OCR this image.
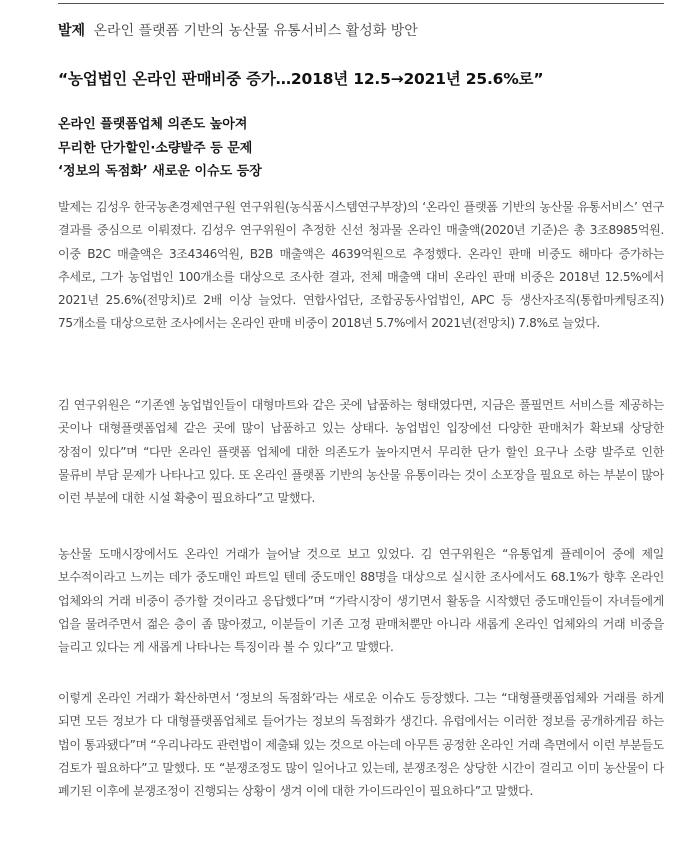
발제 온라인 플랫폼 기반의 농산물 유통서비스 활성화 방안
“농업법인 온라인 판매비중 증가…2018년 12.5→2021년 25.6%로”
온라인 플랫폼업체 의존도 높아져
무리한 단가할인·소량발주 등 문제
‘정보의 독점화’ 새로운 이슈도 등장

발제는 김성우 한국농촌경제연구원 연구위원(농식품시스템연구부장)의 ‘온라인 플랫폼 기반의 농산물 유통서비스’ 연구 결과를 중심으로 이뤄졌다. 김성우 연구위원이 추정한 신선 청과물 온라인 매출액(2020년 기준)은 총 3조8985억원. 이중 B2C 매출액은 3조4346억원, B2B 매출액은 4639억원으로 추정했다. 온라인 판매 비중도 해마다 증가하는 추세로, 그가 농업법인 100개소를 대상으로 조사한 결과, 전체 매출액 대비 온라인 판매 비중은 2018년 12.5%에서 2021년 25.6%(전망치)로 2배 이상 늘었다. 연합사업단, 조합공동사업법인, APC 등 생산자조직(통합마케팅조직) 75개소를 대상으로한 조사에서는 온라인 판매 비중이 2018년 5.7%에서 2021년(전망치) 7.8%로 늘었다.

김 연구위원은 “기존엔 농업법인들이 대형마트와 같은 곳에 납품하는 형태였다면, 지금은 풀필먼트 서비스를 제공하는 곳이나 대형플랫폼업체 같은 곳에 많이 납품하고 있는 상태다. 농업법인 입장에선 다양한 판매처가 확보돼 상당한 장점이 있다”며 “다만 온라인 플랫폼 업체에 대한 의존도가 높아지면서 무리한 단가 할인 요구나 소량 발주로 인한 물류비 부담 문제가 나타나고 있다. 또 온라인 플랫폼 기반의 농산물 유통이라는 것이 소포장을 필요로 하는 부분이 많아 이런 부분에 대한 시설 확충이 필요하다”고 말했다.

농산물 도매시장에서도 온라인 거래가 늘어날 것으로 보고 있었다. 김 연구위원은 “유통업계 플레이어 중에 제일 보수적이라고 느끼는 데가 중도매인 파트일 텐데 중도매인 88명을 대상으로 실시한 조사에서도 68.1%가 향후 온라인 업체와의 거래 비중이 증가할 것이라고 응답했다”며 “가락시장이 생기면서 활동을 시작했던 중도매인들이 자녀들에게 업을 물려주면서 젊은 층이 좀 많아졌고, 이분들이 기존 고정 판매처뿐만 아니라 새롭게 온라인 업체와의 거래 비중을 늘리고 있다는 게 새롭게 나타나는 특징이라 볼 수 있다”고 말했다.

이렇게 온라인 거래가 확산하면서 ‘정보의 독점화’라는 새로운 이슈도 등장했다. 그는 “대형플랫폼업체와 거래를 하게 되면 모든 정보가 다 대형플랫폼업체로 들어가는 정보의 독점화가 생긴다. 유럽에서는 이러한 정보를 공개하게끔 하는 법이 통과됐다”며 “우리나라도 관련법이 제출돼 있는 것으로 아는데 아무튼 공정한 온라인 거래 측면에서 이런 부분들도 검토가 필요하다”고 말했다. 또 “분쟁조정도 많이 일어나고 있는데, 분쟁조정은 상당한 시간이 걸리고 이미 농산물이 다 폐기된 이후에 분쟁조정이 진행되는 상황이 생겨 이에 대한 가이드라인이 필요하다”고 말했다.
